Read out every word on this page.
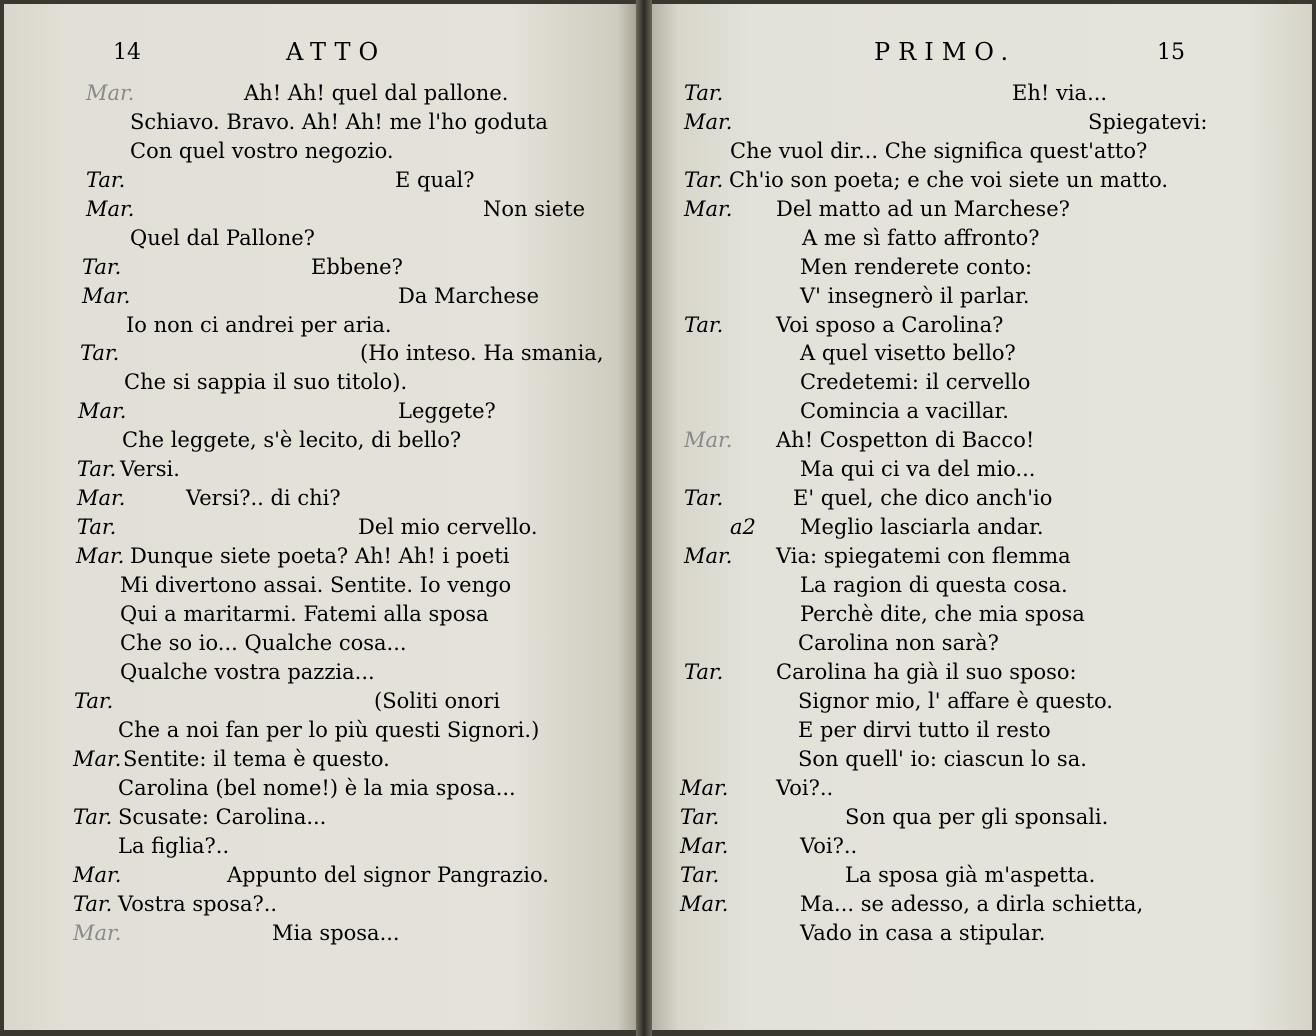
14	ATTO	PRIMO.	15
Mar.	Ah! Ah! quel dal pallone.
Schiavo. Bravo. Ah! Ah! me l'ho goduta
Con quel vostro negozio.
Tar.	E qual?
Mar.	Non siete
Quel dal Pallone?
Tar.	Ebbene?
Mar.	Da Marchese
Io non ci andrei per aria.
Tar.	(Ho inteso. Ha smania,
Che si sappia il suo titolo).
Mar.	Leggete?
Che leggete, s'è lecito, di bello?
Tar. Versi.
Mar.	Versi?.. di chi?
Tar.	Del mio cervello.
Mar. Dunque siete poeta? Ah! Ah! i poeti
Mi divertono assai. Sentite. Io vengo
Qui a maritarmi. Fatemi alla sposa
Che so io... Qualche cosa...
Qualche vostra pazzia...
Tar.	(Soliti onori
Che a noi fan per lo più questi Signori.)
Mar. Sentite: il tema è questo.
Carolina (bel nome!) è la mia sposa...
Tar. Scusate: Carolina...
La figlia?..
Mar.	Appunto del signor Pangrazio.
Tar. Vostra sposa?..
Mar.	Mia sposa...
Tar.	Eh! via...
Mar.	Spiegatevi:
Che vuol dir... Che significa quest'atto?
Tar. Ch'io son poeta; e che voi siete un matto.
Mar. Del matto ad un Marchese?
A me sì fatto affronto?
Men renderete conto:
V' insegnerò il parlar.
Tar.	Voi sposo a Carolina?
A quel visetto bello?
Credetemi: il cervello
Comincia a vacillar.
Mar. Ah! Cospetton di Bacco!
Ma qui ci va del mio...
Tar.	E' quel, che dico anch'io
a2 Meglio lasciarla andar.
Mar. Via: spiegatemi con flemma
La ragion di questa cosa.
Perchè dite, che mia sposa
Carolina non sarà?
Tar.	Carolina ha già il suo sposo:
Signor mio, l' affare è questo.
E per dirvi tutto il resto
Son quell' io: ciascun lo sa.
Mar. Voi?..
Tar.	Son qua per gli sponsali.
Mar.	Voi?..
Tar.	La sposa già m'aspetta.
Mar.	Ma... se adesso, a dirla schietta,
Vado in casa a stipular.
